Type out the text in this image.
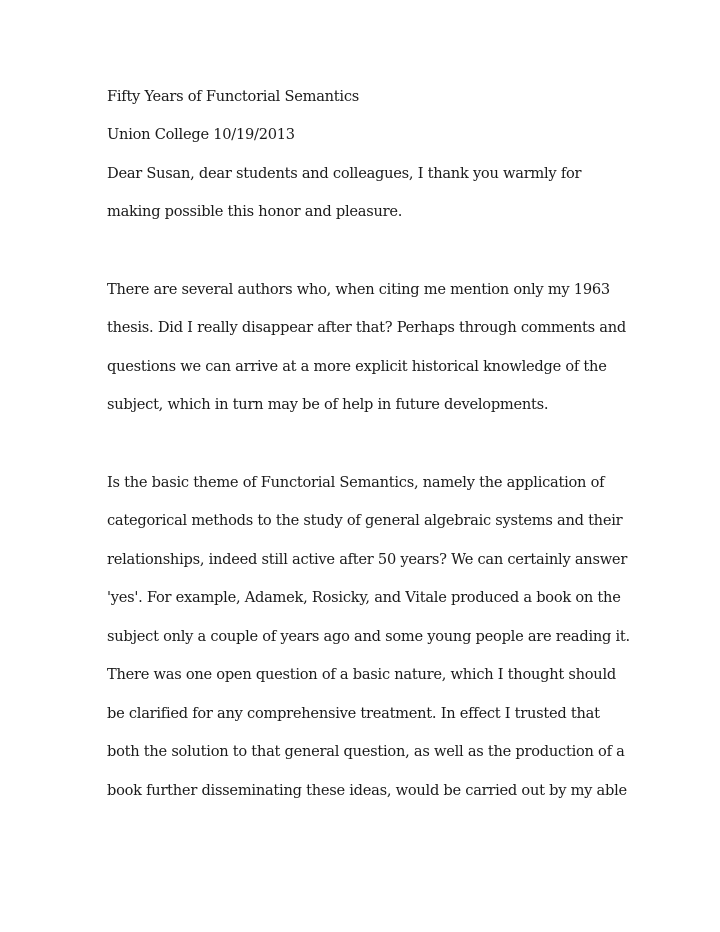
Fifty Years of Functorial Semantics

Union College 10/19/2013

Dear Susan, dear students and colleagues, I thank you warmly for

making possible this honor and pleasure.

There are several authors who, when citing me mention only my 1963

thesis. Did I really disappear after that? Perhaps through comments and

questions we can arrive at a more explicit historical knowledge of the

subject, which in turn may be of help in future developments.

Is the basic theme of Functorial Semantics, namely the application of

categorical methods to the study of general algebraic systems and their

relationships, indeed still active after 50 years? We can certainly answer

'yes'. For example, Adamek, Rosicky, and Vitale produced a book on the

subject only a couple of years ago and some young people are reading it.

There was one open question of a basic nature, which I thought should

be clarified for any comprehensive treatment. In effect I trusted that

both the solution to that general question, as well as the production of a

book further disseminating these ideas, would be carried out by my able
